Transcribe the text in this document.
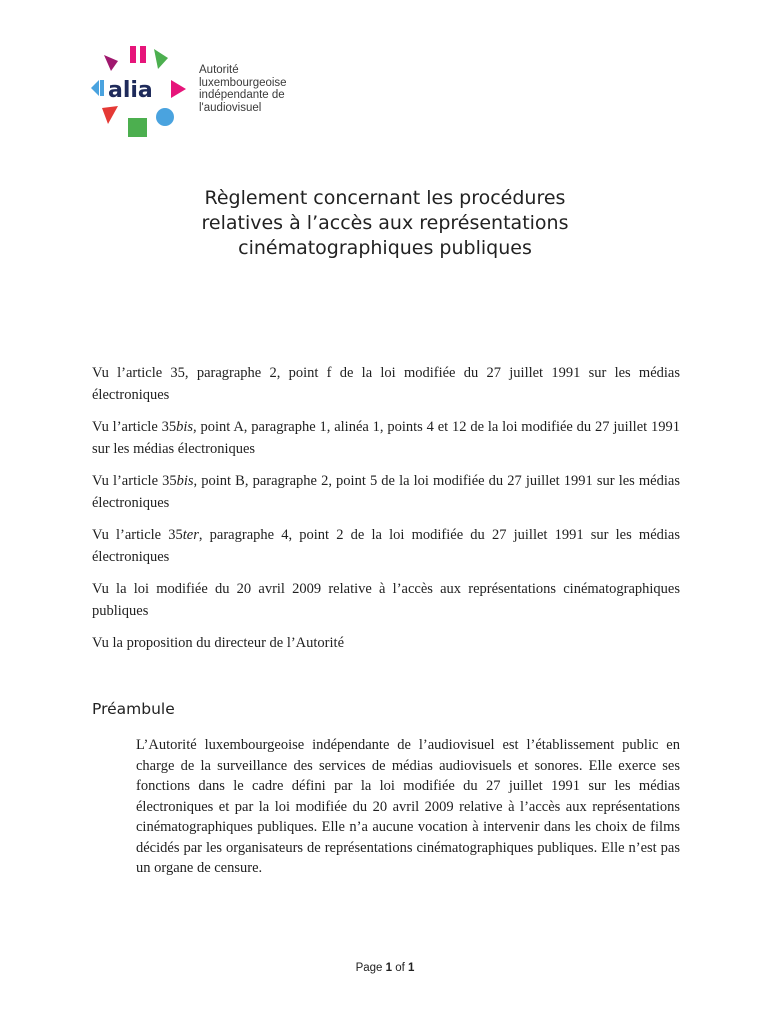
alia
Autorité
luxembourgeoise
indépendante de
l'audiovisuel
Règlement concernant les procédures
relatives à l’accès aux représentations
cinématographiques publiques

Vu l’article 35, paragraphe 2, point f de la loi modifiée du 27 juillet 1991 sur les médias électroniques

Vu l’article 35bis, point A, paragraphe 1, alinéa 1, points 4 et 12 de la loi modifiée du 27 juillet 1991 sur les médias électroniques

Vu l’article 35bis, point B, paragraphe 2, point 5 de la loi modifiée du 27 juillet 1991 sur les médias électroniques

Vu l’article 35ter, paragraphe 4, point 2 de la loi modifiée du 27 juillet 1991 sur les médias électroniques

Vu la loi modifiée du 20 avril 2009 relative à l’accès aux représentations cinématographiques publiques

Vu la proposition du directeur de l’Autorité

Préambule

L’Autorité luxembourgeoise indépendante de l’audiovisuel est l’établissement public en charge de la surveillance des services de médias audiovisuels et sonores. Elle exerce ses fonctions dans le cadre défini par la loi modifiée du 27 juillet 1991 sur les médias électroniques et par la loi modifiée du 20 avril 2009 relative à l’accès aux représentations cinématographiques publiques. Elle n’a aucune vocation à intervenir dans les choix de films décidés par les organisateurs de représentations cinématographiques publiques. Elle n’est pas un organe de censure.

Page 1 of 1
